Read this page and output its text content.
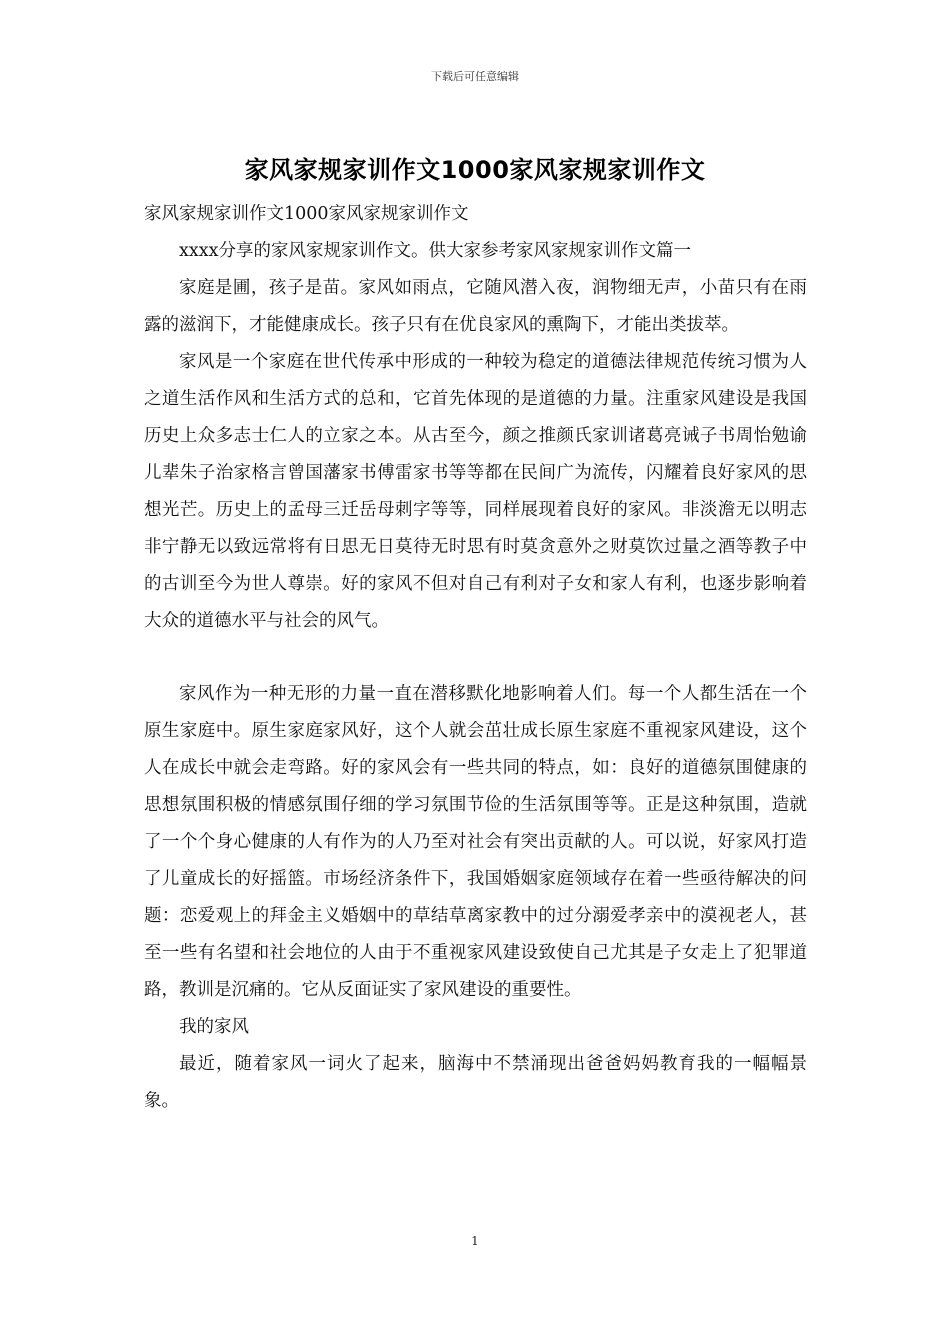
下载后可任意编辑
家风家规家训作文1000家风家规家训作文

家风家规家训作文1000家风家规家训作文

xxxx分享的家风家规家训作文。供大家参考家风家规家训作文篇一

家庭是圃，孩子是苗。家风如雨点，它随风潜入夜，润物细无声，小苗只有在雨露的滋润下，才能健康成长。孩子只有在优良家风的熏陶下，才能出类拔萃。

家风是一个家庭在世代传承中形成的一种较为稳定的道德法律规范传统习惯为人之道生活作风和生活方式的总和，它首先体现的是道德的力量。注重家风建设是我国历史上众多志士仁人的立家之本。从古至今，颜之推颜氏家训诸葛亮诫子书周怡勉谕儿辈朱子治家格言曾国藩家书傅雷家书等等都在民间广为流传，闪耀着良好家风的思想光芒。历史上的孟母三迁岳母刺字等等，同样展现着良好的家风。非淡澹无以明志非宁静无以致远常将有日思无日莫待无时思有时莫贪意外之财莫饮过量之酒等教子中的古训至今为世人尊崇。好的家风不但对自己有利对子女和家人有利，也逐步影响着大众的道德水平与社会的风气。

家风作为一种无形的力量一直在潜移默化地影响着人们。每一个人都生活在一个原生家庭中。原生家庭家风好，这个人就会茁壮成长原生家庭不重视家风建设，这个人在成长中就会走弯路。好的家风会有一些共同的特点，如：良好的道德氛围健康的思想氛围积极的情感氛围仔细的学习氛围节俭的生活氛围等等。正是这种氛围，造就了一个个身心健康的人有作为的人乃至对社会有突出贡献的人。可以说，好家风打造了儿童成长的好摇篮。市场经济条件下，我国婚姻家庭领域存在着一些亟待解决的问题：恋爱观上的拜金主义婚姻中的草结草离家教中的过分溺爱孝亲中的漠视老人，甚至一些有名望和社会地位的人由于不重视家风建设致使自己尤其是子女走上了犯罪道路，教训是沉痛的。它从反面证实了家风建设的重要性。

我的家风

最近，随着家风一词火了起来，脑海中不禁涌现出爸爸妈妈教育我的一幅幅景象。

1
